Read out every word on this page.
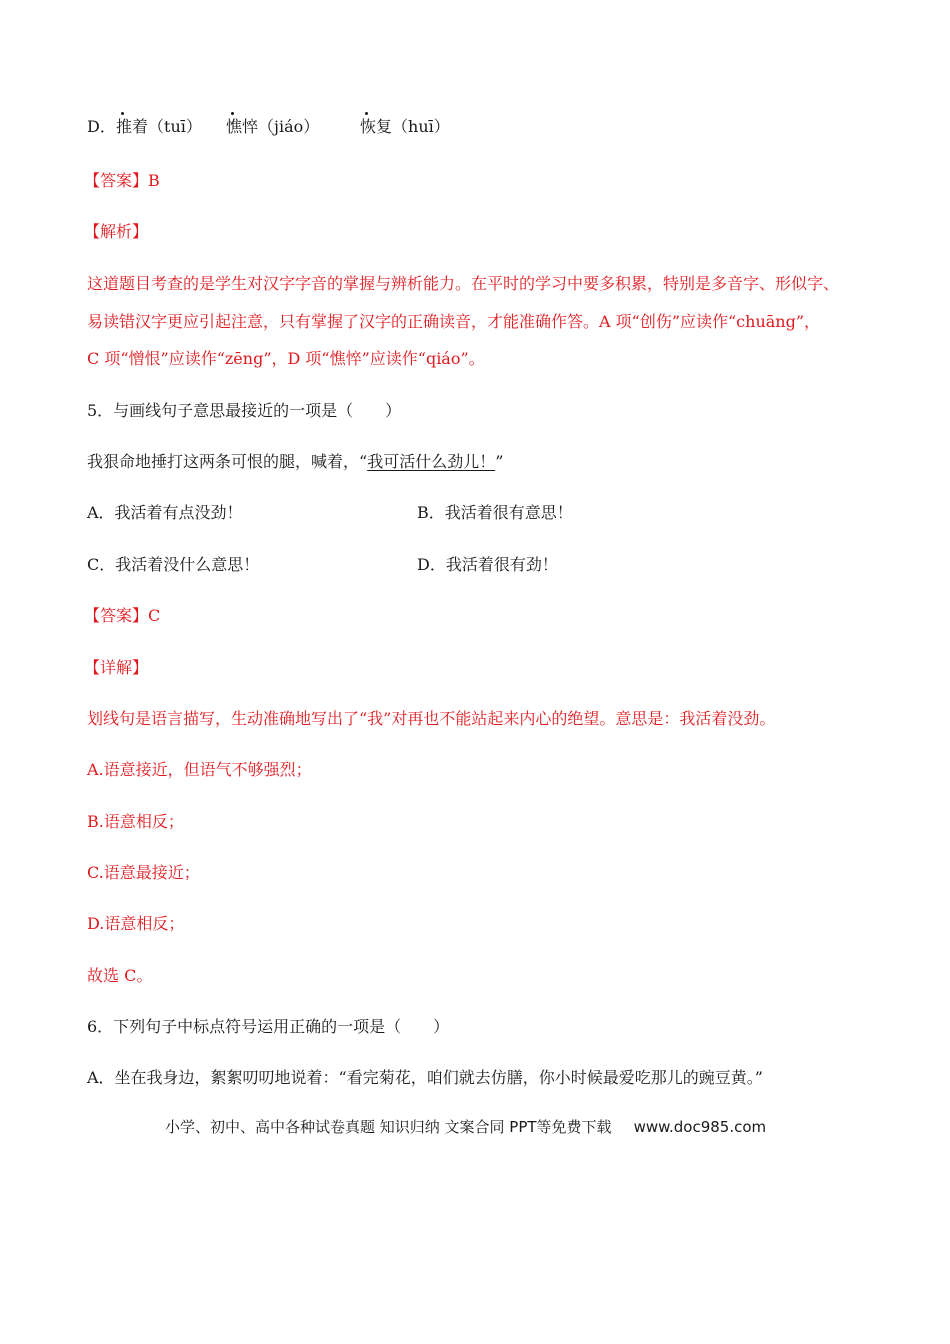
D． 推着（tuī） 憔悴（jiáo）	恢复（huī）
【答案】B
【解析】
这道题目考查的是学生对汉字字音的掌握与辨析能力。在平时的学习中要多积累，特别是多音字、形似字、
易读错汉字更应引起注意，只有掌握了汉字的正确读音，才能准确作答。A 项“创伤”应读作“chuāng”，
C 项“憎恨”应读作“zēng”，D 项“憔悴”应读作“qiáo”。
5．与画线句子意思最接近的一项是（　　）
我狠命地捶打这两条可恨的腿，喊着，“我可活什么劲儿！”
A．我活着有点没劲！	B．我活着很有意思！
C．我活着没什么意思！	D．我活着很有劲！
【答案】C
【详解】
划线句是语言描写，生动准确地写出了“我”对再也不能站起来内心的绝望。意思是：我活着没劲。
A.语意接近，但语气不够强烈；
B.语意相反；
C.语意最接近；
D.语意相反；
故选 C。
6．下列句子中标点符号运用正确的一项是（　　）
A．坐在我身边，絮絮叨叨地说着：“看完菊花，咱们就去仿膳，你小时候最爱吃那儿的豌豆黄。”
小学、初中、高中各种试卷真题 知识归纳 文案合同 PPT等免费下载 www.doc985.com
